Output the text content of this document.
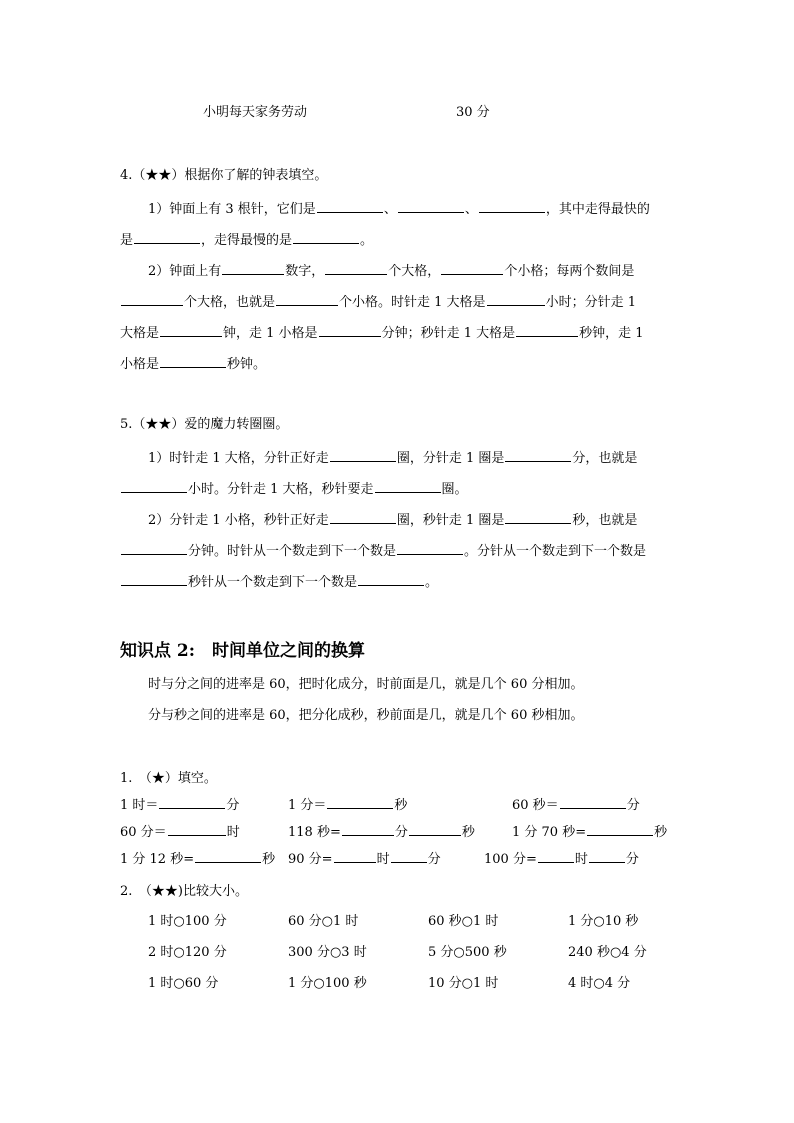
小明每天家务劳动	30 分
4.（★★）根据你了解的钟表填空。
1）钟面上有 3 根针，它们是	、	、	，其中走得最快的
是	，走得最慢的是	。
2）钟面上有	数字，	个大格，	个小格；每两个数间是
个大格，也就是	个小格。时针走 1 大格是	小时；分针走 1
大格是	钟，走 1 小格是	分钟；秒针走 1 大格是	秒钟，走 1
小格是	秒钟。
5.（★★）爱的魔力转圈圈。
1）时针走 1 大格，分针正好走	圈，分针走 1 圈是	分，也就是
小时。分针走 1 大格，秒针要走	圈。
2）分针走 1 小格，秒针正好走	圈，秒针走 1 圈是	秒，也就是
分钟。时针从一个数走到下一个数是	。分针从一个数走到下一个数是
秒针从一个数走到下一个数是	。
知识点 2:　时间单位之间的换算
时与分之间的进率是 60，把时化成分，时前面是几，就是几个 60 分相加。
分与秒之间的进率是 60，把分化成秒，秒前面是几，就是几个 60 秒相加。
1.　（★）填空。
1 时＝	分	1 分＝	秒	60 秒＝	分
60 分＝	时	118 秒=	分	秒	1 分 70 秒=	秒
1 分 12 秒=	秒 90 分=	时	分	100 分=	时	分
2.　（★★)比较大小。
1 时○100 分	60 分○1 时	60 秒○1 时	1 分○10 秒
2 时○120 分	300 分○3 时	5 分○500 秒	240 秒○4 分
1 时○60 分	1 分○100 秒	10 分○1 时	4 时○4 分
